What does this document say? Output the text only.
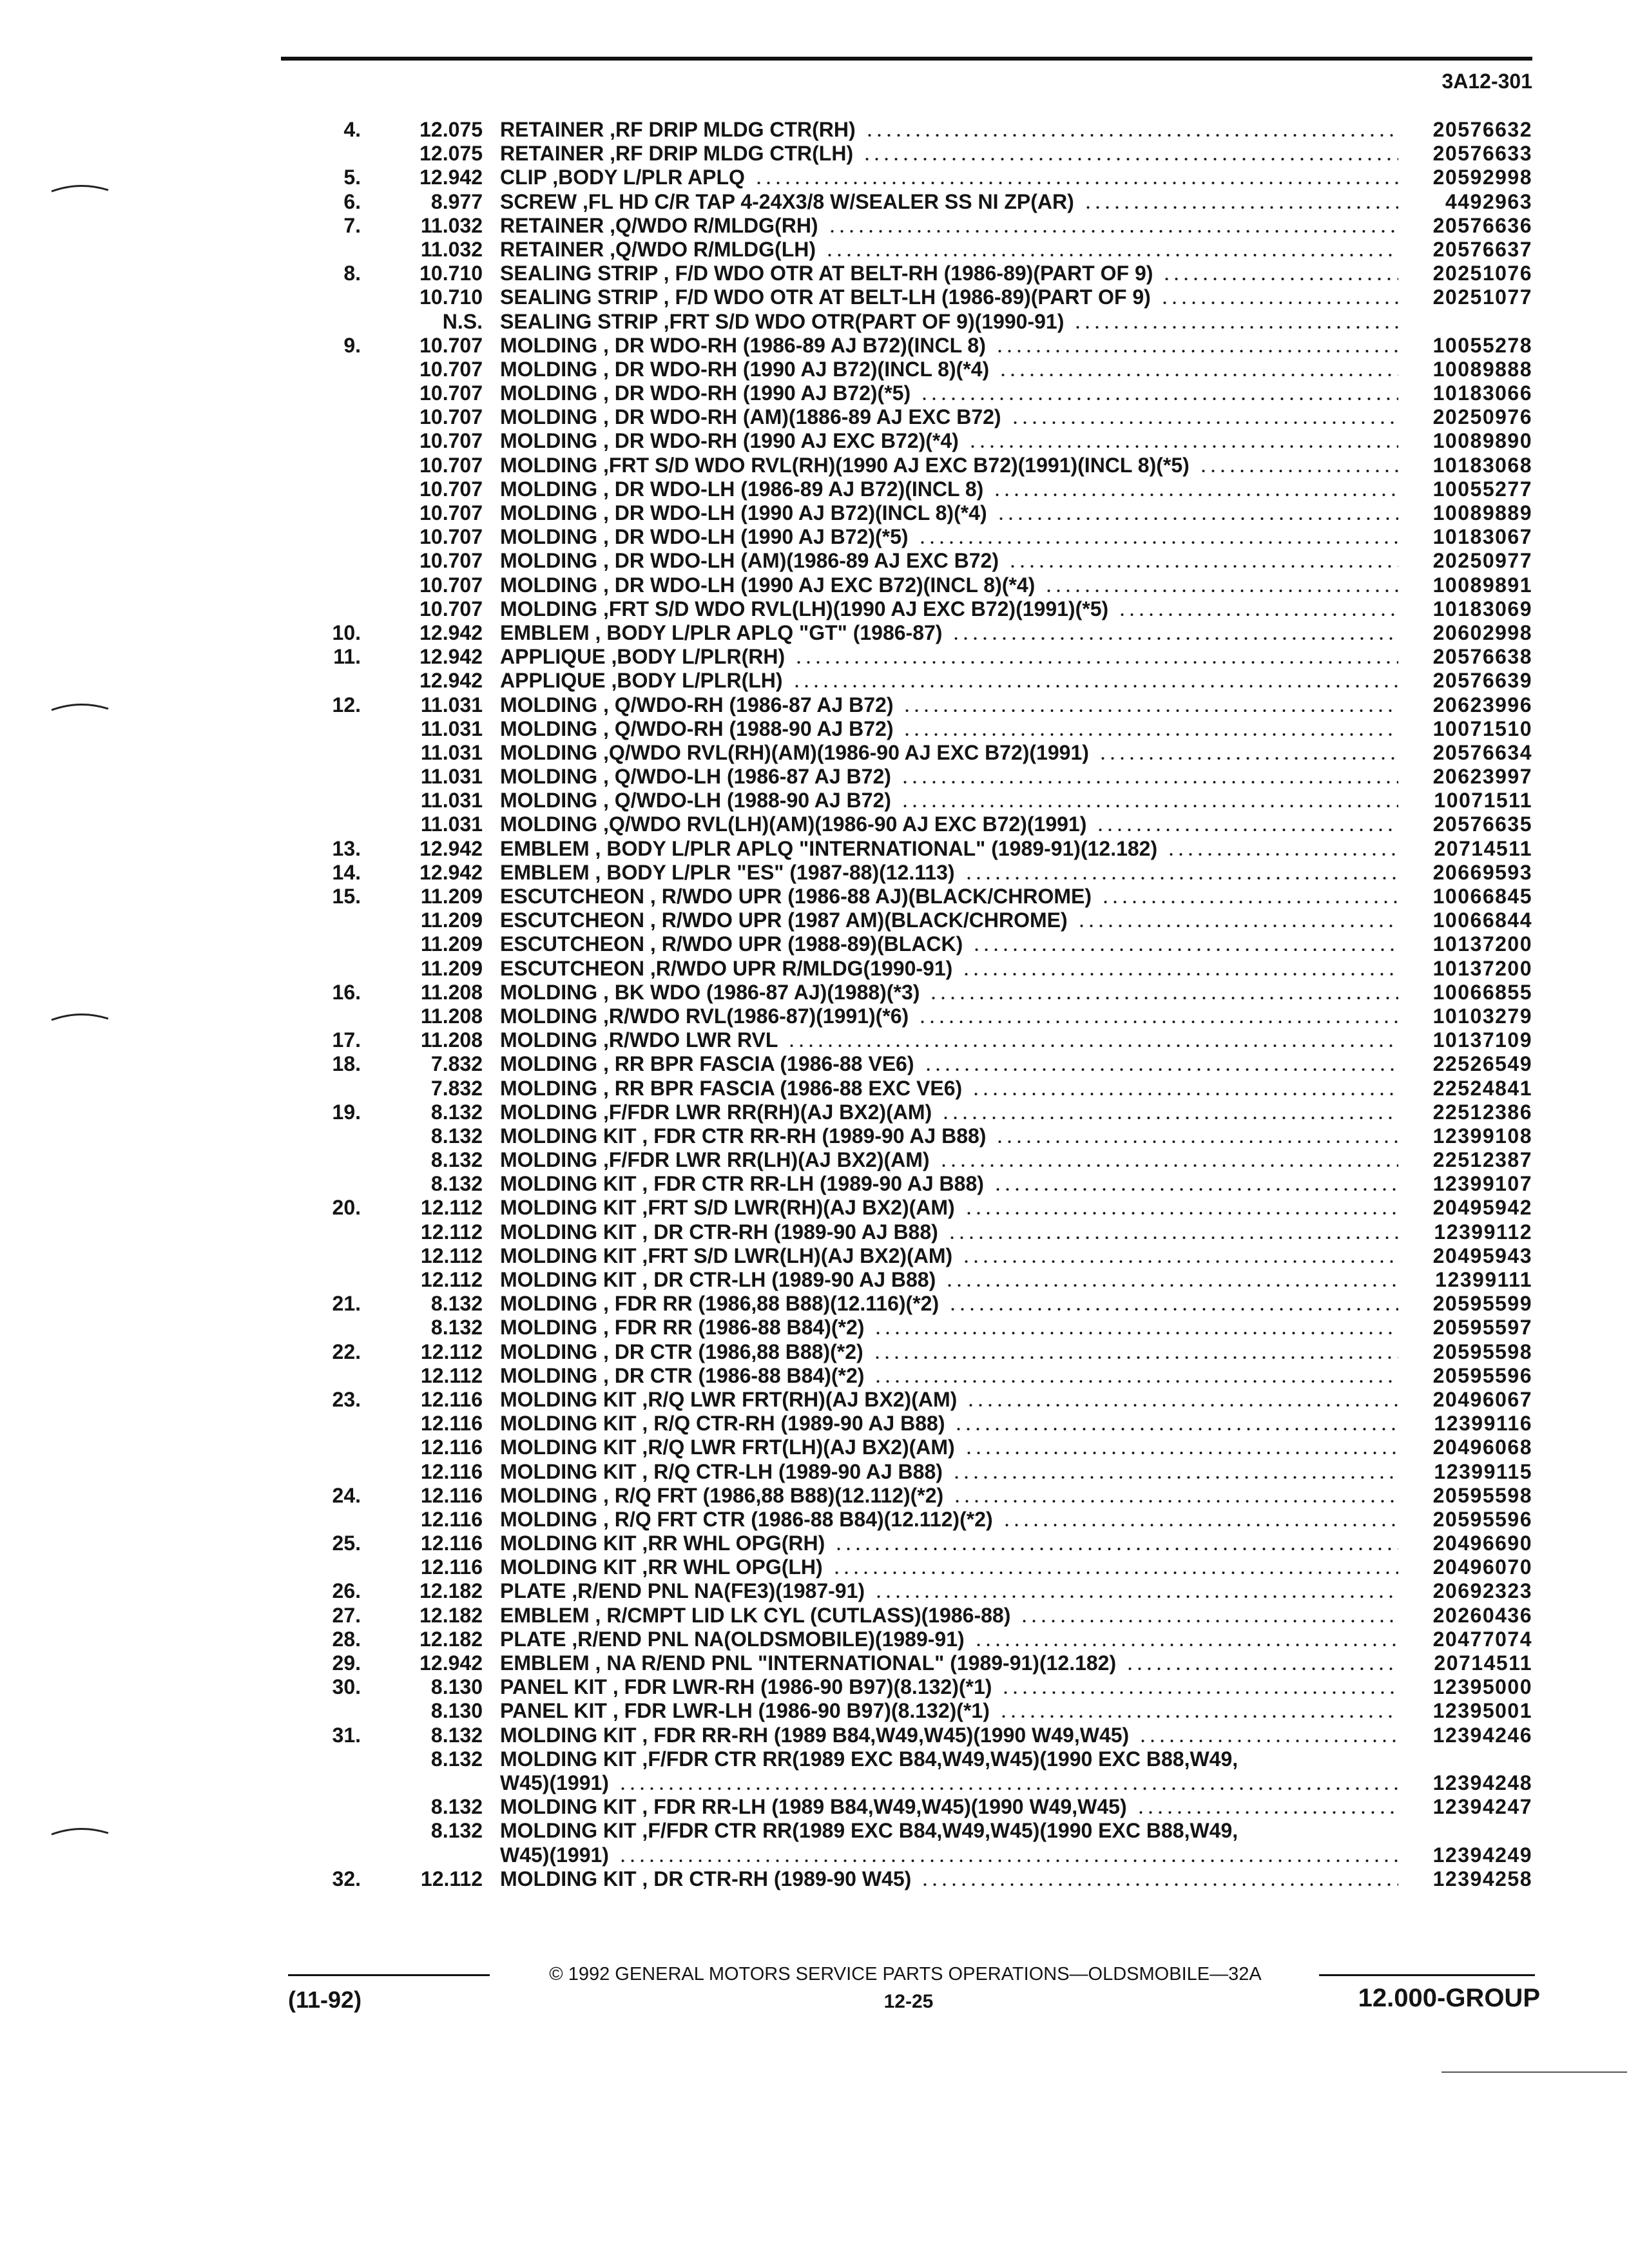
3A12-301
4.	12.075 RETAINER ,RF DRIP MLDG CTR(RH)	20576632
12.075 RETAINER ,RF DRIP MLDG CTR(LH)	20576633
5.	12.942 CLIP ,BODY L/PLR APLQ	20592998
6.	8.977 SCREW ,FL HD C/R TAP 4-24X3/8 W/SEALER SS NI ZP(AR)	4492963
7.	11.032 RETAINER ,Q/WDO R/MLDG(RH)	20576636
11.032 RETAINER ,Q/WDO R/MLDG(LH)	20576637
8.	10.710 SEALING STRIP , F/D WDO OTR AT BELT-RH (1986-89)(PART OF 9)	20251076
10.710 SEALING STRIP , F/D WDO OTR AT BELT-LH (1986-89)(PART OF 9)	20251077
N.S. SEALING STRIP ,FRT S/D WDO OTR(PART OF 9)(1990-91)
9.	10.707 MOLDING , DR WDO-RH (1986-89 AJ B72)(INCL 8)	10055278
10.707 MOLDING , DR WDO-RH (1990 AJ B72)(INCL 8)(*4)	10089888
10.707 MOLDING , DR WDO-RH (1990 AJ B72)(*5)	10183066
10.707 MOLDING , DR WDO-RH (AM)(1886-89 AJ EXC B72)	20250976
10.707 MOLDING , DR WDO-RH (1990 AJ EXC B72)(*4)	10089890
10.707 MOLDING ,FRT S/D WDO RVL(RH)(1990 AJ EXC B72)(1991)(INCL 8)(*5)	10183068
10.707 MOLDING , DR WDO-LH (1986-89 AJ B72)(INCL 8)	10055277
10.707 MOLDING , DR WDO-LH (1990 AJ B72)(INCL 8)(*4)	10089889
10.707 MOLDING , DR WDO-LH (1990 AJ B72)(*5)	10183067
10.707 MOLDING , DR WDO-LH (AM)(1986-89 AJ EXC B72)	20250977
10.707 MOLDING , DR WDO-LH (1990 AJ EXC B72)(INCL 8)(*4)	10089891
10.707 MOLDING ,FRT S/D WDO RVL(LH)(1990 AJ EXC B72)(1991)(*5)	10183069
10.	12.942 EMBLEM , BODY L/PLR APLQ "GT" (1986-87)	20602998
11.	12.942 APPLIQUE ,BODY L/PLR(RH)	20576638
12.942 APPLIQUE ,BODY L/PLR(LH)	20576639
12.	11.031 MOLDING , Q/WDO-RH (1986-87 AJ B72)	20623996
11.031 MOLDING , Q/WDO-RH (1988-90 AJ B72)	10071510
11.031 MOLDING ,Q/WDO RVL(RH)(AM)(1986-90 AJ EXC B72)(1991)	20576634
11.031 MOLDING , Q/WDO-LH (1986-87 AJ B72)	20623997
11.031 MOLDING , Q/WDO-LH (1988-90 AJ B72)	10071511
11.031 MOLDING ,Q/WDO RVL(LH)(AM)(1986-90 AJ EXC B72)(1991)	20576635
13.	12.942 EMBLEM , BODY L/PLR APLQ "INTERNATIONAL" (1989-91)(12.182)	20714511
14.	12.942 EMBLEM , BODY L/PLR "ES" (1987-88)(12.113)	20669593
15.	11.209 ESCUTCHEON , R/WDO UPR (1986-88 AJ)(BLACK/CHROME)	10066845
11.209 ESCUTCHEON , R/WDO UPR (1987 AM)(BLACK/CHROME)	10066844
11.209 ESCUTCHEON , R/WDO UPR (1988-89)(BLACK)	10137200
11.209 ESCUTCHEON ,R/WDO UPR R/MLDG(1990-91)	10137200
16.	11.208 MOLDING , BK WDO (1986-87 AJ)(1988)(*3)	10066855
11.208 MOLDING ,R/WDO RVL(1986-87)(1991)(*6)	10103279
17.	11.208 MOLDING ,R/WDO LWR RVL	10137109
18.	7.832 MOLDING , RR BPR FASCIA (1986-88 VE6)	22526549
7.832 MOLDING , RR BPR FASCIA (1986-88 EXC VE6)	22524841
19.	8.132 MOLDING ,F/FDR LWR RR(RH)(AJ BX2)(AM)	22512386
8.132 MOLDING KIT , FDR CTR RR-RH (1989-90 AJ B88)	12399108
8.132 MOLDING ,F/FDR LWR RR(LH)(AJ BX2)(AM)	22512387
8.132 MOLDING KIT , FDR CTR RR-LH (1989-90 AJ B88)	12399107
20.	12.112 MOLDING KIT ,FRT S/D LWR(RH)(AJ BX2)(AM)	20495942
12.112 MOLDING KIT , DR CTR-RH (1989-90 AJ B88)	12399112
12.112 MOLDING KIT ,FRT S/D LWR(LH)(AJ BX2)(AM)	20495943
12.112 MOLDING KIT , DR CTR-LH (1989-90 AJ B88)	12399111
21.	8.132 MOLDING , FDR RR (1986,88 B88)(12.116)(*2)	20595599
8.132 MOLDING , FDR RR (1986-88 B84)(*2)	20595597
22.	12.112 MOLDING , DR CTR (1986,88 B88)(*2)	20595598
12.112 MOLDING , DR CTR (1986-88 B84)(*2)	20595596
23.	12.116 MOLDING KIT ,R/Q LWR FRT(RH)(AJ BX2)(AM)	20496067
12.116 MOLDING KIT , R/Q CTR-RH (1989-90 AJ B88)	12399116
12.116 MOLDING KIT ,R/Q LWR FRT(LH)(AJ BX2)(AM)	20496068
12.116 MOLDING KIT , R/Q CTR-LH (1989-90 AJ B88)	12399115
24.	12.116 MOLDING , R/Q FRT (1986,88 B88)(12.112)(*2)	20595598
12.116 MOLDING , R/Q FRT CTR (1986-88 B84)(12.112)(*2)	20595596
25.	12.116 MOLDING KIT ,RR WHL OPG(RH)	20496690
12.116 MOLDING KIT ,RR WHL OPG(LH)	20496070
26.	12.182 PLATE ,R/END PNL NA(FE3)(1987-91)	20692323
27.	12.182 EMBLEM , R/CMPT LID LK CYL (CUTLASS)(1986-88)	20260436
28.	12.182 PLATE ,R/END PNL NA(OLDSMOBILE)(1989-91)	20477074
29.	12.942 EMBLEM , NA R/END PNL "INTERNATIONAL" (1989-91)(12.182)	20714511
30.	8.130 PANEL KIT , FDR LWR-RH (1986-90 B97)(8.132)(*1)	12395000
8.130 PANEL KIT , FDR LWR-LH (1986-90 B97)(8.132)(*1)	12395001
31.	8.132 MOLDING KIT , FDR RR-RH (1989 B84,W49,W45)(1990 W49,W45)	12394246
8.132 MOLDING KIT ,F/FDR CTR RR(1989 EXC B84,W49,W45)(1990 EXC B88,W49,
W45)(1991)	12394248
8.132 MOLDING KIT , FDR RR-LH (1989 B84,W49,W45)(1990 W49,W45)	12394247
8.132 MOLDING KIT ,F/FDR CTR RR(1989 EXC B84,W49,W45)(1990 EXC B88,W49,
W45)(1991)	12394249
32.	12.112 MOLDING KIT , DR CTR-RH (1989-90 W45)	12394258
© 1992 GENERAL MOTORS SERVICE PARTS OPERATIONS—OLDSMOBILE—32A
(11-92)	12-25	12.000-GROUP
